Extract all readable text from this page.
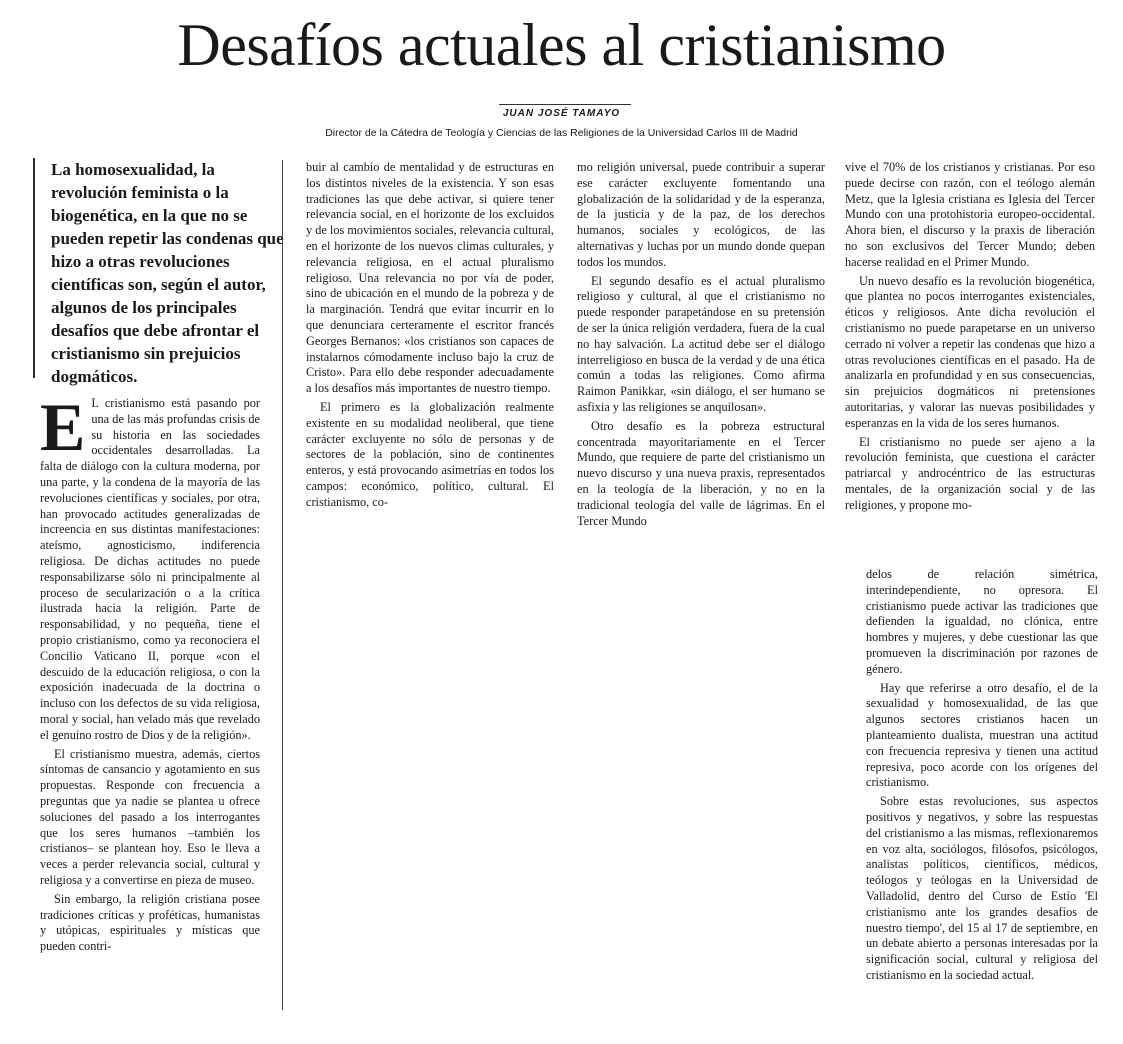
Desafíos actuales al cristianismo
JUAN JOSÉ TAMAYO
Director de la Cátedra de Teología y Ciencias de las Religiones de la Universidad Carlos III de Madrid

La homosexualidad, la revolución feminista o la biogenética, en la que no se pueden repetir las condenas que hizo a otras revoluciones científicas son, según el autor, algunos de los principales desafíos que debe afrontar el cristianismo sin prejuicios dogmáticos.

E L cristianismo está pasando por una de las más profundas crisis de su historia en las sociedades occidentales desarrolladas. La falta de diálogo con la cultura moderna, por una parte, y la condena de la mayoría de las revoluciones científicas y sociales, por otra, han provocado actitudes generalizadas de increencia en sus distintas manifestaciones: ateísmo, agnosticismo, indiferencia religiosa. De dichas actitudes no puede responsabilizarse sólo ni principalmente al proceso de secularización o a la crítica ilustrada hacia la religión. Parte de responsabilidad, y no pequeña, tiene el propio cristianismo, como ya reconociera el Concilio Vaticano II, porque «con el descuido de la educación religiosa, o con la exposición inadecuada de la doctrina o incluso con los defectos de su vida religiosa, moral y social, han velado más que revelado el genuino rostro de Dios y de la religión».

El cristianismo muestra, además, ciertos síntomas de cansancio y agotamiento en sus propuestas. Responde con frecuencia a preguntas que ya nadie se plantea u ofrece soluciones del pasado a los interrogantes que los seres humanos –también los cristianos– se plantean hoy. Eso le lleva a veces a perder relevancia social, cultural y religiosa y a convertirse en pieza de museo.

Sin embargo, la religión cristiana posee tradiciones críticas y proféticas, humanistas y utópicas, espirituales y místicas que pueden contri-

buir al cambio de mentalidad y de estructuras en los distintos niveles de la existencia. Y son esas tradiciones las que debe activar, si quiere tener relevancia social, en el horizonte de los excluidos y de los movimientos sociales, relevancia cultural, en el horizonte de los nuevos climas culturales, y relevancia religiosa, en el actual pluralismo religioso. Una relevancia no por vía de poder, sino de ubicación en el mundo de la pobreza y de la marginación. Tendrá que evitar incurrir en lo que denunciara certeramente el escritor francés Georges Bernanos: «los cristianos son capaces de instalarnos cómodamente incluso bajo la cruz de Cristo». Para ello debe responder adecuadamente a los desafíos más importantes de nuestro tiempo.

El primero es la globalización realmente existente en su modalidad neoliberal, que tiene carácter excluyente no sólo de personas y de sectores de la población, sino de continentes enteros, y está provocando asimetrías en todos los campos: económico, político, cultural. El cristianismo, co-

mo religión universal, puede contribuir a superar ese carácter excluyente fomentando una globalización de la solidaridad y de la esperanza, de la justicia y de la paz, de los derechos humanos, sociales y ecológicos, de las alternativas y luchas por un mundo donde quepan todos los mundos.

El segundo desafío es el actual pluralismo religioso y cultural, al que el cristianismo no puede responder parapetándose en su pretensión de ser la única religión verdadera, fuera de la cual no hay salvación. La actitud debe ser el diálogo interreligioso en busca de la verdad y de una ética común a todas las religiones. Como afirma Raimon Panikkar, «sin diálogo, el ser humano se asfixia y las religiones se anquilosan».

Otro desafío es la pobreza estructural concentrada mayoritariamente en el Tercer Mundo, que requiere de parte del cristianismo un nuevo discurso y una nueva praxis, representados en la teología de la liberación, y no en la tradicional teología del valle de lágrimas. En el Tercer Mundo

vive el 70% de los cristianos y cristianas. Por eso puede decirse con razón, con el teólogo alemán Metz, que la Iglesia cristiana es Iglesia del Tercer Mundo con una protohistoria europeo-occidental. Ahora bien, el discurso y la praxis de liberación no son exclusivos del Tercer Mundo; deben hacerse realidad en el Primer Mundo.

Un nuevo desafío es la revolución biogenética, que plantea no pocos interrogantes existenciales, éticos y religiosos. Ante dicha revolución el cristianismo no puede parapetarse en un universo cerrado ni volver a repetir las condenas que hizo a otras revoluciones científicas en el pasado. Ha de analizarla en profundidad y en sus consecuencias, sin prejuicios dogmáticos ni pretensiones autoritarias, y valorar las nuevas posibilidades y esperanzas en la vida de los seres humanos.

El cristianismo no puede ser ajeno a la revolución feminista, que cuestiona el carácter patriarcal y androcéntrico de las estructuras mentales, de la organización social y de las religiones, y propone mo-

delos de relación simétrica, interindependiente, no opresora. El cristianismo puede activar las tradiciones que defienden la igualdad, no clónica, entre hombres y mujeres, y debe cuestionar las que promueven la discriminación por razones de género.

Hay que referirse a otro desafío, el de la sexualidad y homosexualidad, de las que algunos sectores cristianos hacen un planteamiento dualista, muestran una actitud con frecuencia represiva y tienen una actitud represiva, poco acorde con los orígenes del cristianismo.

Sobre estas revoluciones, sus aspectos positivos y negativos, y sobre las respuestas del cristianismo a las mismas, reflexionaremos en voz alta, sociólogos, filósofos, psicólogos, analistas políticos, científicos, médicos, teólogos y teólogas en la Universidad de Valladolid, dentro del Curso de Estío 'El cristianismo ante los grandes desafíos de nuestro tiempo', del 15 al 17 de septiembre, en un debate abierto a personas interesadas por la significación social, cultural y religiosa del cristianismo en la sociedad actual.
